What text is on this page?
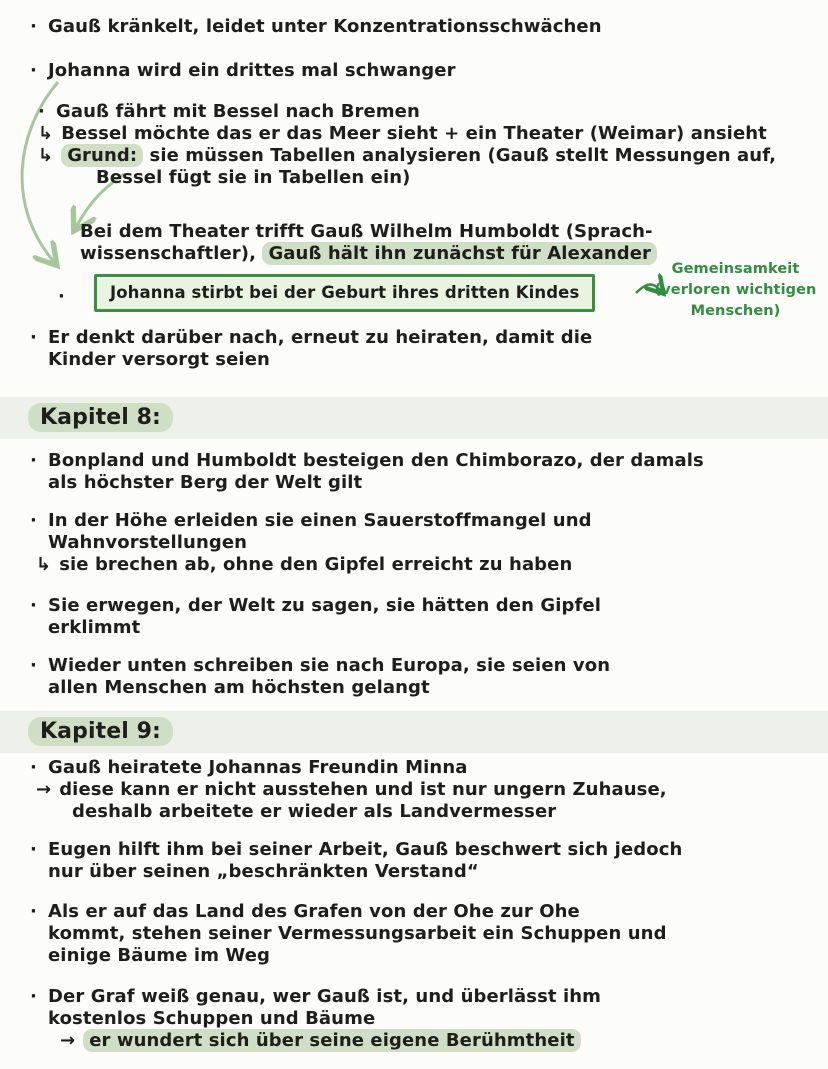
· Gauß kränkelt, leidet unter Konzentrationsschwächen
· Johanna wird ein drittes mal schwanger
· Gauß fährt mit Bessel nach Bremen
↳ Bessel möchte das er das Meer sieht + ein Theater (Weimar) ansieht
↳ Grund: sie müssen Tabellen analysieren (Gauß stellt Messungen auf,
Bessel fügt sie in Tabellen ein)
Bei dem Theater trifft Gauß Wilhelm Humboldt (Sprach-
wissenschaftler), Gauß hält ihn zunächst für Alexander
·	Johanna stirbt bei der Geburt ihres dritten Kindes
Gemeinsamkeit
(verloren wichtigen
Menschen)
· Er denkt darüber nach, erneut zu heiraten, damit die
Kinder versorgt seien
Kapitel 8:
· Bonpland und Humboldt besteigen den Chimborazo, der damals
als höchster Berg der Welt gilt
· In der Höhe erleiden sie einen Sauerstoffmangel und
Wahnvorstellungen
↳ sie brechen ab, ohne den Gipfel erreicht zu haben
· Sie erwegen, der Welt zu sagen, sie hätten den Gipfel
erklimmt
· Wieder unten schreiben sie nach Europa, sie seien von
allen Menschen am höchsten gelangt
Kapitel 9:
· Gauß heiratete Johannas Freundin Minna
→ diese kann er nicht ausstehen und ist nur ungern Zuhause,
deshalb arbeitete er wieder als Landvermesser
· Eugen hilft ihm bei seiner Arbeit, Gauß beschwert sich jedoch
nur über seinen „beschränkten Verstand“
· Als er auf das Land des Grafen von der Ohe zur Ohe
kommt, stehen seiner Vermessungsarbeit ein Schuppen und
einige Bäume im Weg
· Der Graf weiß genau, wer Gauß ist, und überlässt ihm
kostenlos Schuppen und Bäume
→ er wundert sich über seine eigene Berühmtheit
